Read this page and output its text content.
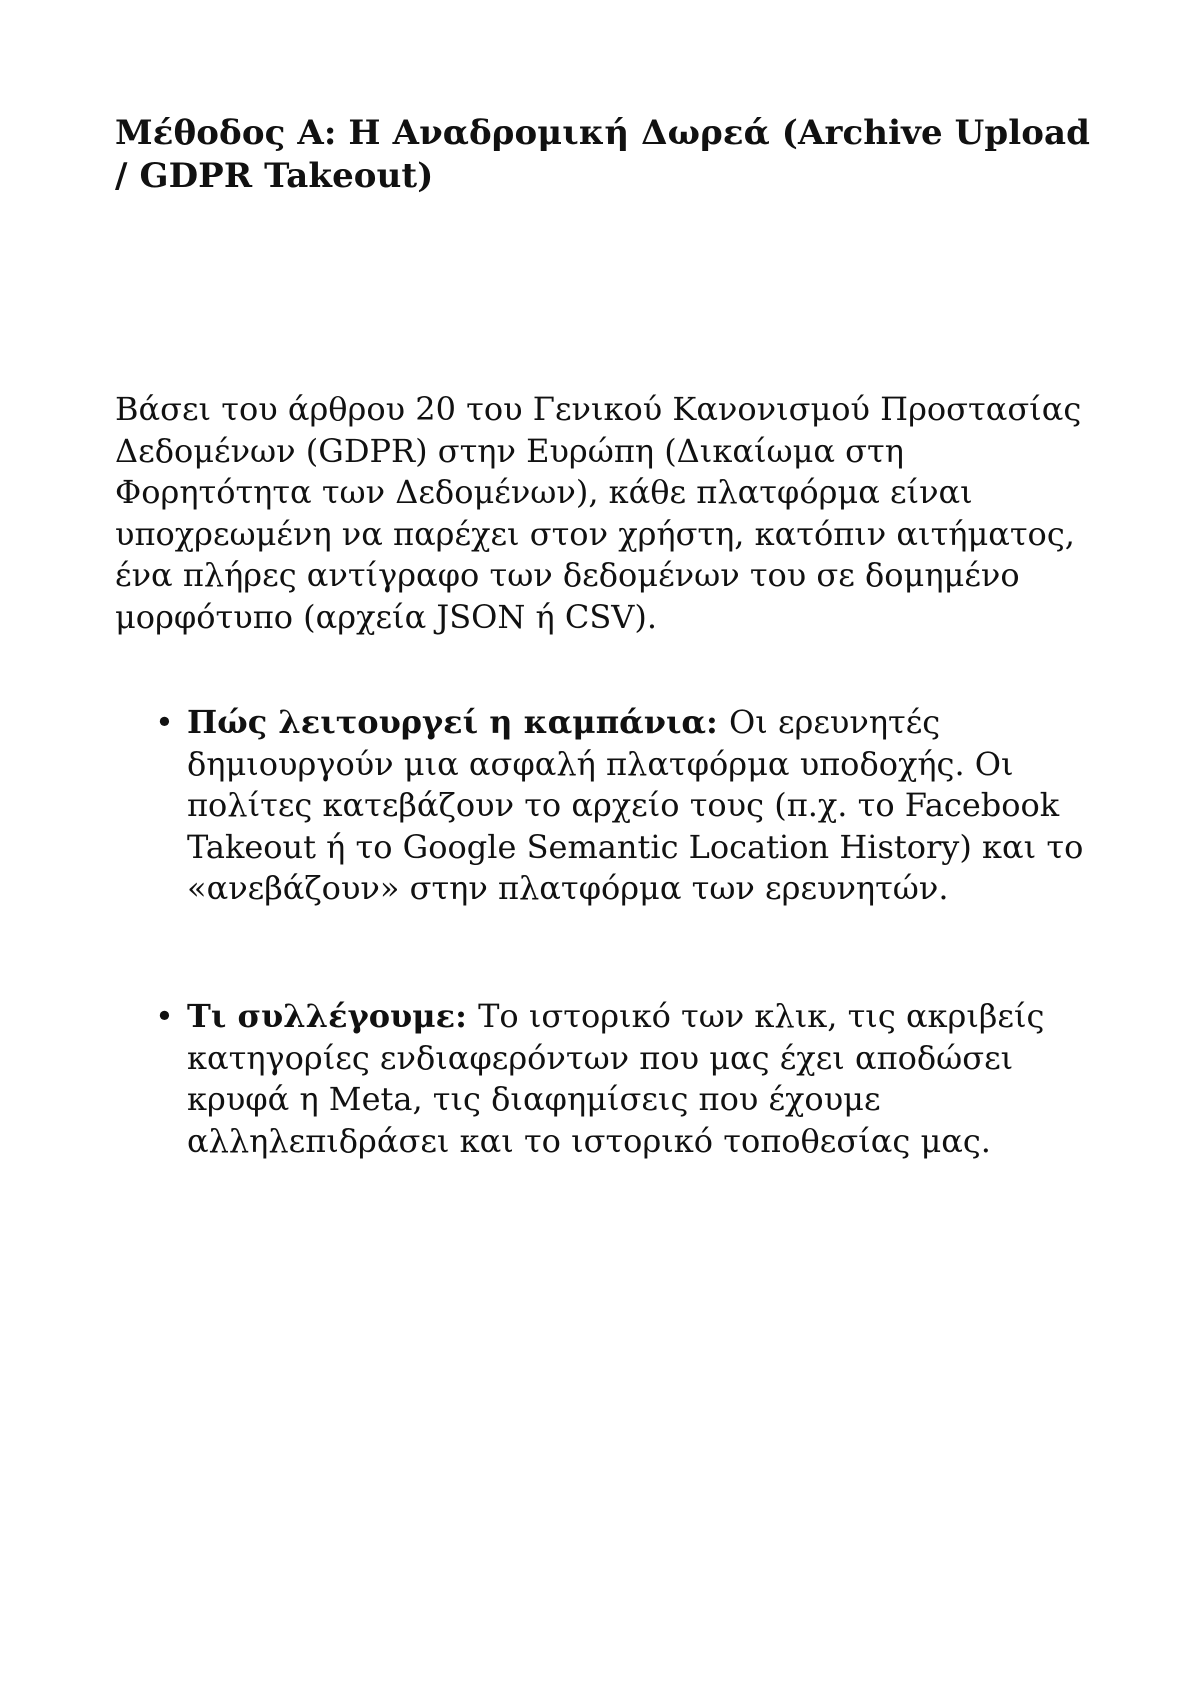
Μέθοδος Α: Η Αναδρομική Δωρεά (Archive Upload / GDPR Takeout)

Βάσει του άρθρου 20 του Γενικού Κανονισμού Προστασίας Δεδομένων (GDPR) στην Ευρώπη (Δικαίωμα στη Φορητότητα των Δεδομένων), κάθε πλατφόρμα είναι υποχρεωμένη να παρέχει στον χρήστη, κατόπιν αιτήματος, ένα πλήρες αντίγραφο των δεδομένων του σε δομημένο μορφότυπο (αρχεία JSON ή CSV).

• Πώς λειτουργεί η καμπάνια: Οι ερευνητές δημιουργούν μια ασφαλή πλατφόρμα υποδοχής. Οι πολίτες κατεβάζουν το αρχείο τους (π.χ. το Facebook Takeout ή το Google Semantic Location History) και το «ανεβάζουν» στην πλατφόρμα των ερευνητών.
• Τι συλλέγουμε: Το ιστορικό των κλικ, τις ακριβείς κατηγορίες ενδιαφερόντων που μας έχει αποδώσει κρυφά η Meta, τις διαφημίσεις που έχουμε αλληλεπιδράσει και το ιστορικό τοποθεσίας μας.
